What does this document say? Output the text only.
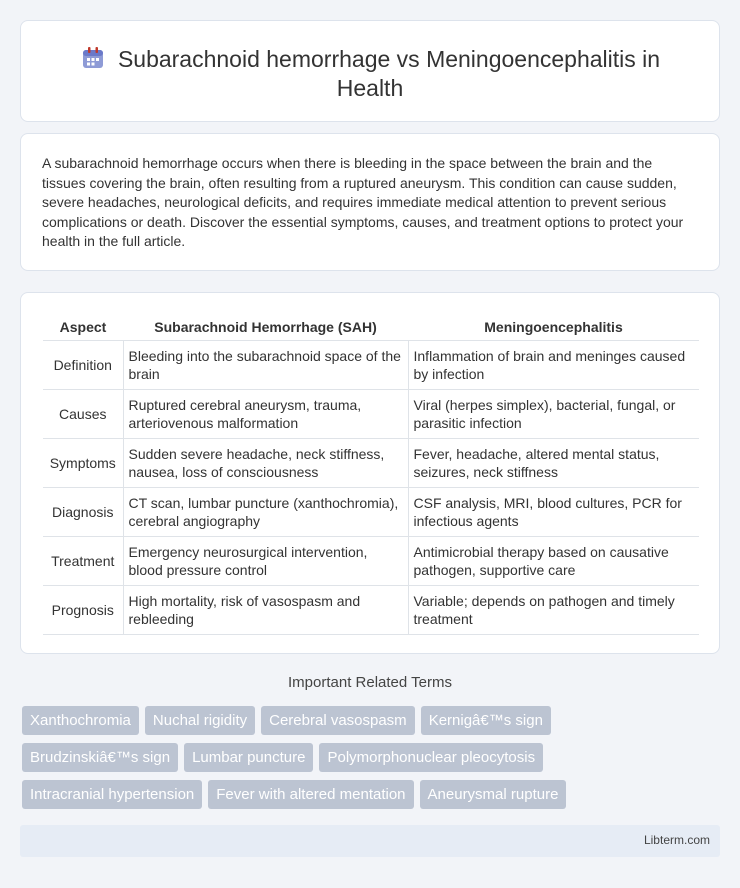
Subarachnoid hemorrhage vs Meningoencephalitis in Health

A subarachnoid hemorrhage occurs when there is bleeding in the space between the brain and the tissues covering the brain, often resulting from a ruptured aneurysm. This condition can cause sudden, severe headaches, neurological deficits, and requires immediate medical attention to prevent serious complications or death. Discover the essential symptoms, causes, and treatment options to protect your health in the full article.

Aspect	Subarachnoid Hemorrhage (SAH)	Meningoencephalitis
Definition	Bleeding into the subarachnoid space of the brain	Inflammation of brain and meninges caused by infection
Causes	Ruptured cerebral aneurysm, trauma, arteriovenous malformation	Viral (herpes simplex), bacterial, fungal, or parasitic infection
Symptoms	Sudden severe headache, neck stiffness, nausea, loss of consciousness	Fever, headache, altered mental status, seizures, neck stiffness
Diagnosis	CT scan, lumbar puncture (xanthochromia), cerebral angiography	CSF analysis, MRI, blood cultures, PCR for infectious agents
Treatment	Emergency neurosurgical intervention, blood pressure control	Antimicrobial therapy based on causative pathogen, supportive care
Prognosis	High mortality, risk of vasospasm and rebleeding	Variable; depends on pathogen and timely treatment
Important Related Terms
Xanthochromia	Nuchal rigidity	Cerebral vasospasm	Kernigâ€™s sign
Brudzinskiâ€™s sign	Lumbar puncture	Polymorphonuclear pleocytosis
Intracranial hypertension	Fever with altered mentation	Aneurysmal rupture
Libterm.com
